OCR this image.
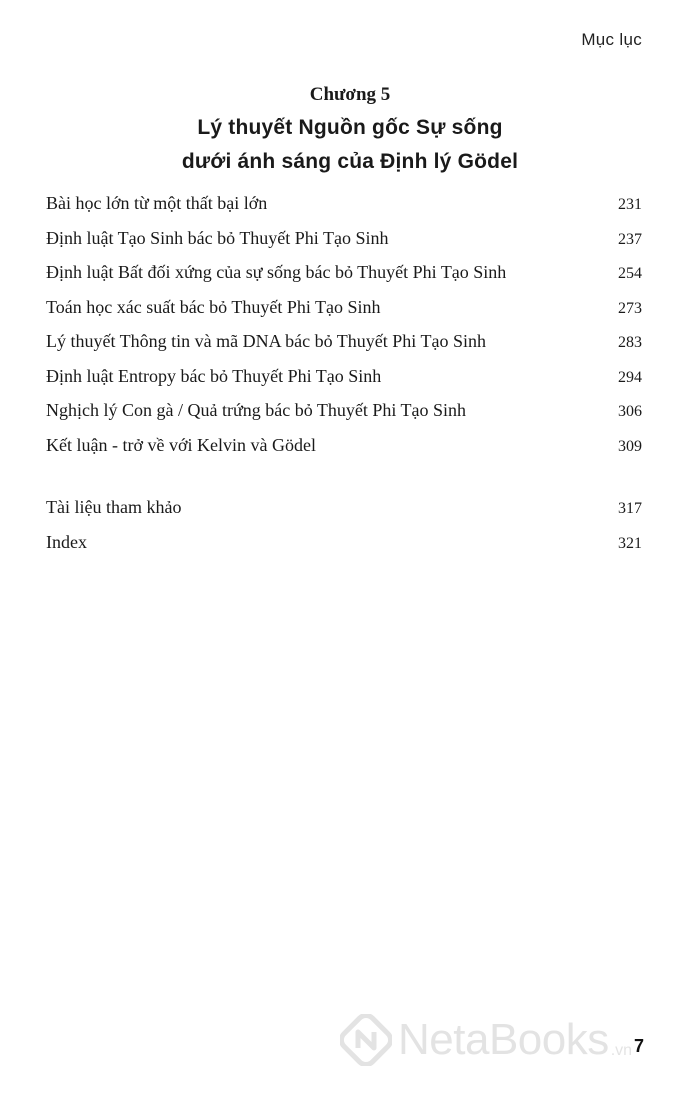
Mục lục
Chương 5
Lý thuyết Nguồn gốc Sự sống
dưới ánh sáng của Định lý Gödel
Bài học lớn từ một thất bại lớn	231
Định luật Tạo Sinh bác bỏ Thuyết Phi Tạo Sinh	237
Định luật Bất đối xứng của sự sống bác bỏ Thuyết Phi Tạo Sinh	254
Toán học xác suất bác bỏ Thuyết Phi Tạo Sinh	273
Lý thuyết Thông tin và mã DNA bác bỏ Thuyết Phi Tạo Sinh	283
Định luật Entropy bác bỏ Thuyết Phi Tạo Sinh	294
Nghịch lý Con gà / Quả trứng bác bỏ Thuyết Phi Tạo Sinh	306
Kết luận - trở về với Kelvin và Gödel	309
Tài liệu tham khảo	317
Index	321
NetaBooks .vn 7
